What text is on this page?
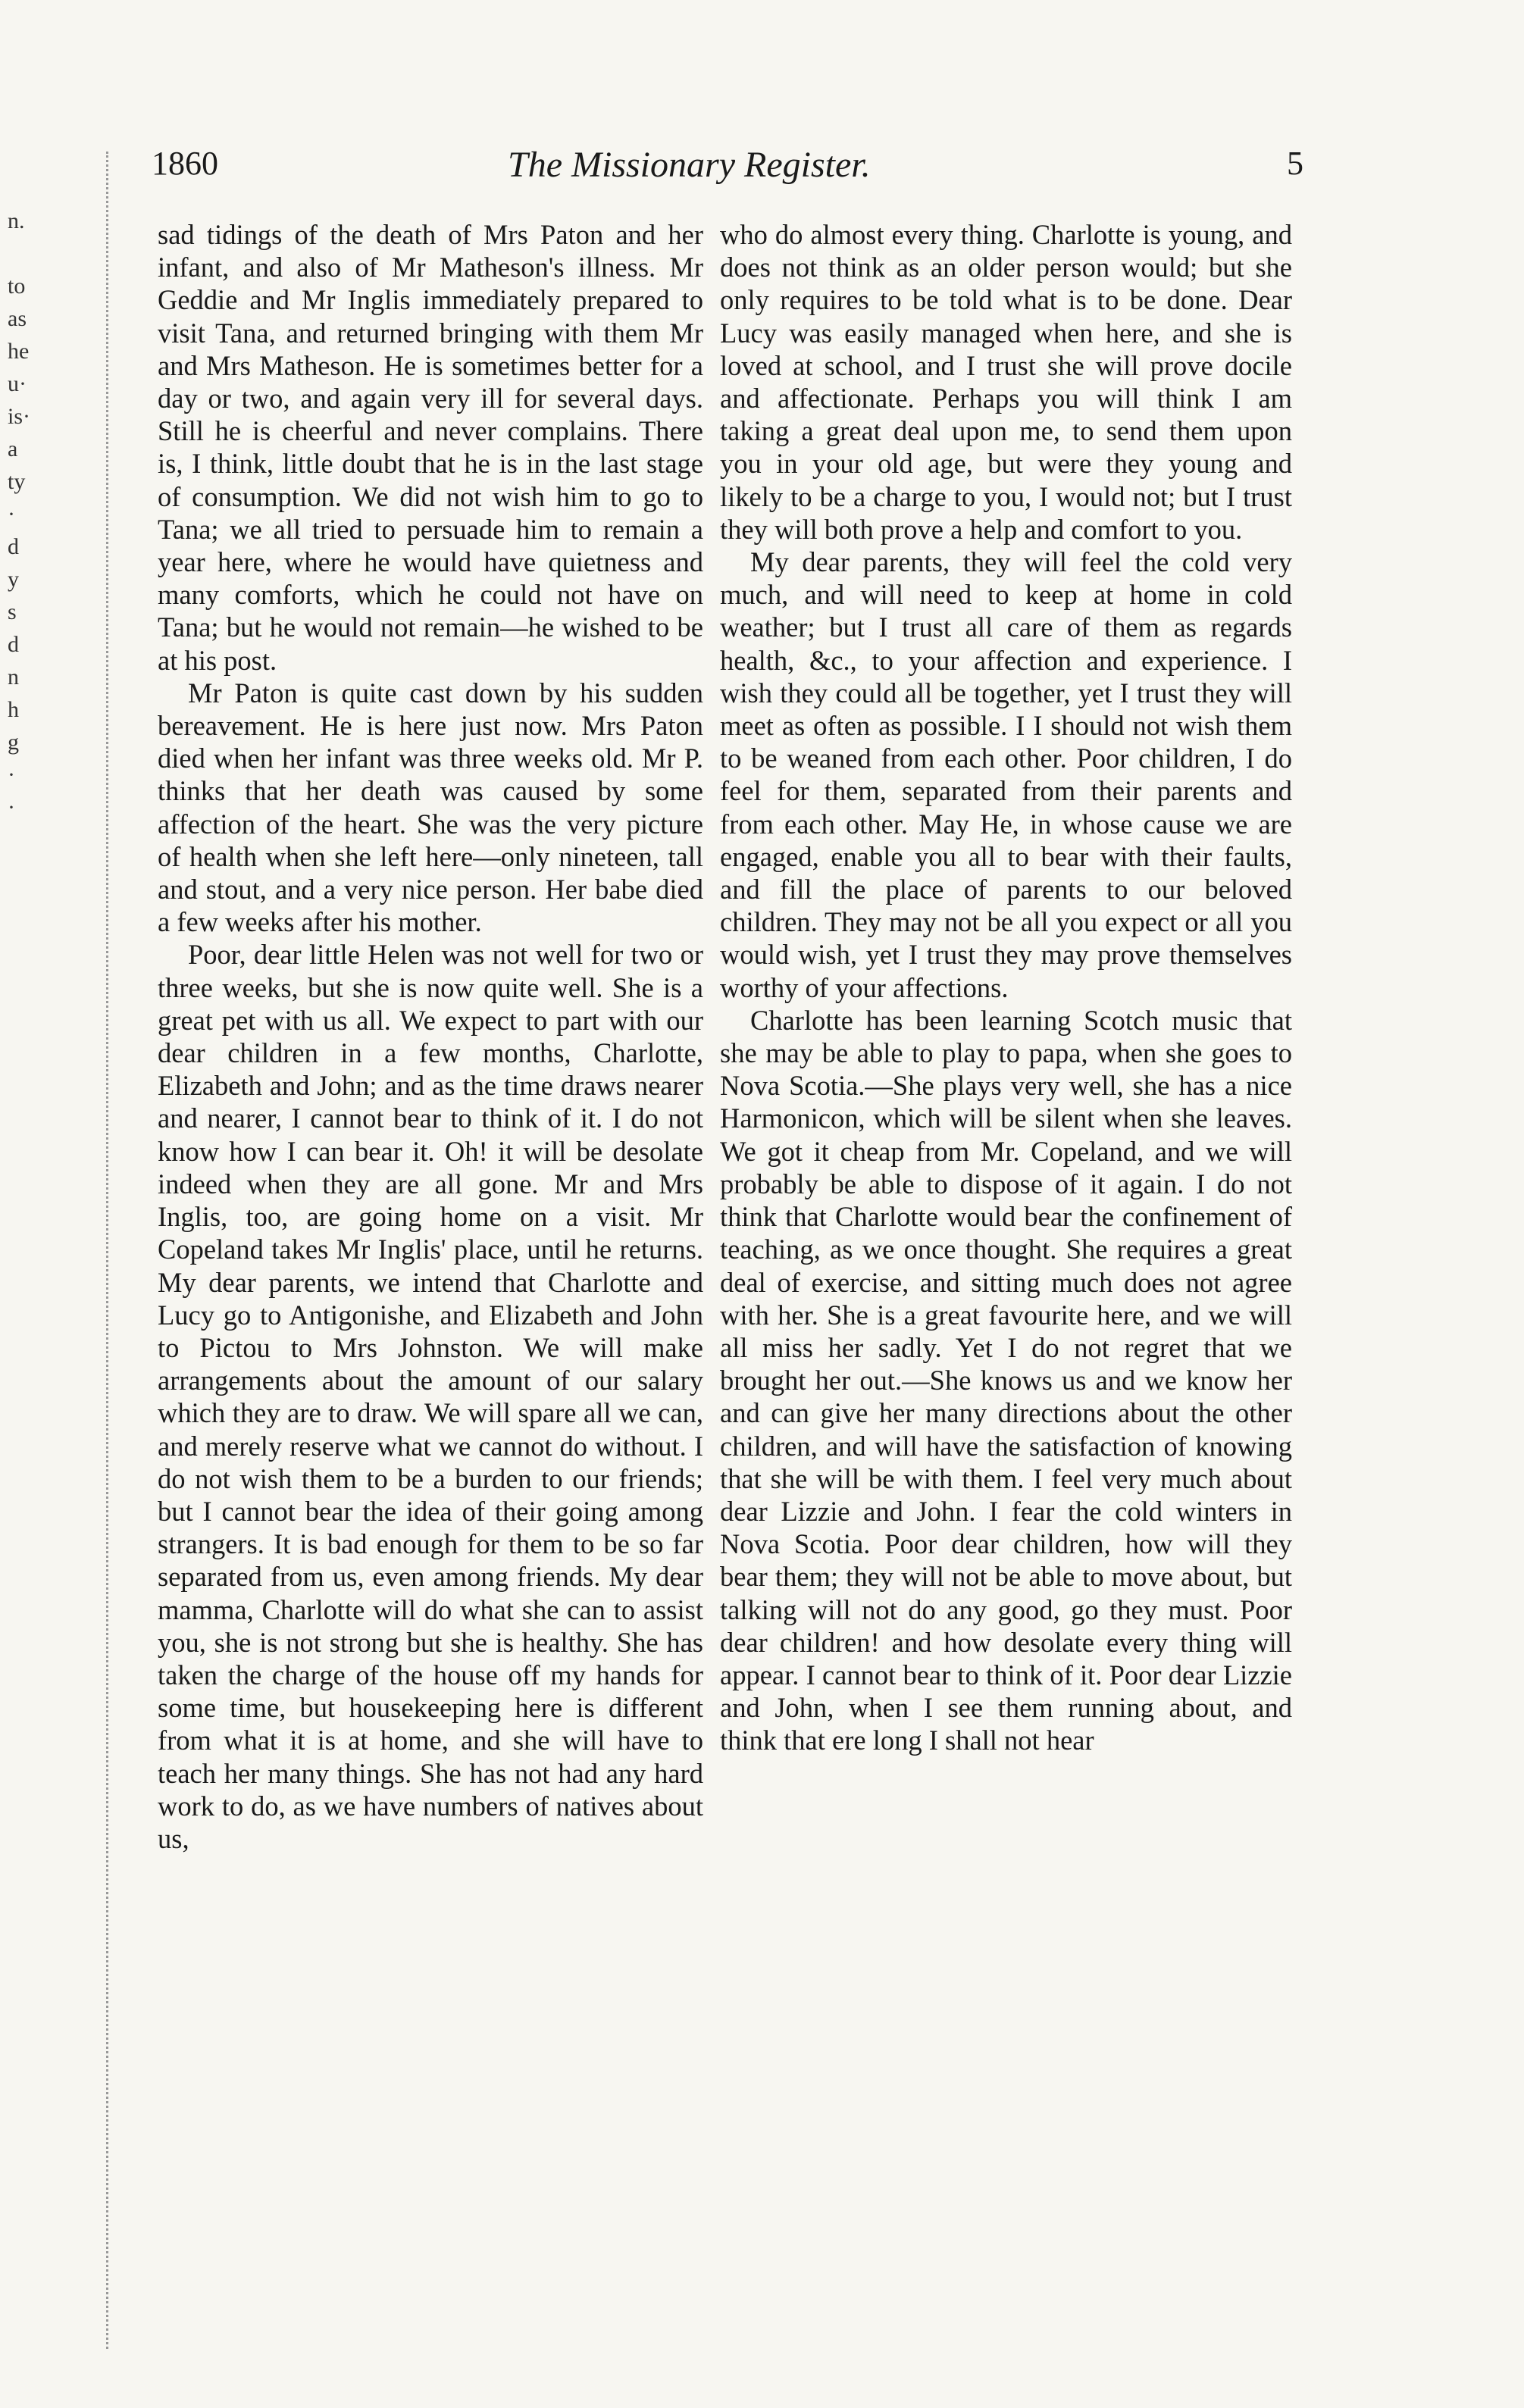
n.
to
as
he
u·
is·
a
ty
·
d
y
s
d
n
h
g
·
·
1860	The Missionary Register.	5

sad tidings of the death of Mrs Paton and her infant, and also of Mr Matheson's illness. Mr Geddie and Mr Inglis immediately prepared to visit Tana, and returned bringing with them Mr and Mrs Matheson. He is sometimes better for a day or two, and again very ill for several days. Still he is cheerful and never complains. There is, I think, little doubt that he is in the last stage of consumption. We did not wish him to go to Tana; we all tried to persuade him to remain a year here, where he would have quietness and many comforts, which he could not have on Tana; but he would not remain—he wished to be at his post.

Mr Paton is quite cast down by his sudden bereavement. He is here just now. Mrs Paton died when her infant was three weeks old. Mr P. thinks that her death was caused by some affection of the heart. She was the very picture of health when she left here—only nineteen, tall and stout, and a very nice person. Her babe died a few weeks after his mother.

Poor, dear little Helen was not well for two or three weeks, but she is now quite well. She is a great pet with us all. We expect to part with our dear children in a few months, Charlotte, Elizabeth and John; and as the time draws nearer and nearer, I cannot bear to think of it. I do not know how I can bear it. Oh! it will be desolate indeed when they are all gone. Mr and Mrs Inglis, too, are going home on a visit. Mr Copeland takes Mr Inglis' place, until he returns. My dear parents, we intend that Charlotte and Lucy go to Antigonishe, and Elizabeth and John to Pictou to Mrs Johnston. We will make arrangements about the amount of our salary which they are to draw. We will spare all we can, and merely reserve what we cannot do without. I do not wish them to be a burden to our friends; but I cannot bear the idea of their going among strangers. It is bad enough for them to be so far separated from us, even among friends. My dear mamma, Charlotte will do what she can to assist you, she is not strong but she is healthy. She has taken the charge of the house off my hands for some time, but housekeeping here is different from what it is at home, and she will have to teach her many things. She has not had any hard work to do, as we have numbers of natives about us,

who do almost every thing. Charlotte is young, and does not think as an older person would; but she only requires to be told what is to be done. Dear Lucy was easily managed when here, and she is loved at school, and I trust she will prove docile and affectionate. Perhaps you will think I am taking a great deal upon me, to send them upon you in your old age, but were they young and likely to be a charge to you, I would not; but I trust they will both prove a help and comfort to you.

My dear parents, they will feel the cold very much, and will need to keep at home in cold weather; but I trust all care of them as regards health, &c., to your affection and experience. I wish they could all be together, yet I trust they will meet as often as possible. I I should not wish them to be weaned from each other. Poor children, I do feel for them, separated from their parents and from each other. May He, in whose cause we are engaged, enable you all to bear with their faults, and fill the place of parents to our beloved children. They may not be all you expect or all you would wish, yet I trust they may prove themselves worthy of your affections.

Charlotte has been learning Scotch music that she may be able to play to papa, when she goes to Nova Scotia.—She plays very well, she has a nice Harmonicon, which will be silent when she leaves. We got it cheap from Mr. Copeland, and we will probably be able to dispose of it again. I do not think that Charlotte would bear the confinement of teaching, as we once thought. She requires a great deal of exercise, and sitting much does not agree with her. She is a great favourite here, and we will all miss her sadly. Yet I do not regret that we brought her out.—She knows us and we know her and can give her many directions about the other children, and will have the satisfaction of knowing that she will be with them. I feel very much about dear Lizzie and John. I fear the cold winters in Nova Scotia. Poor dear children, how will they bear them; they will not be able to move about, but talking will not do any good, go they must. Poor dear children! and how desolate every thing will appear. I cannot bear to think of it. Poor dear Lizzie and John, when I see them running about, and think that ere long I shall not hear
